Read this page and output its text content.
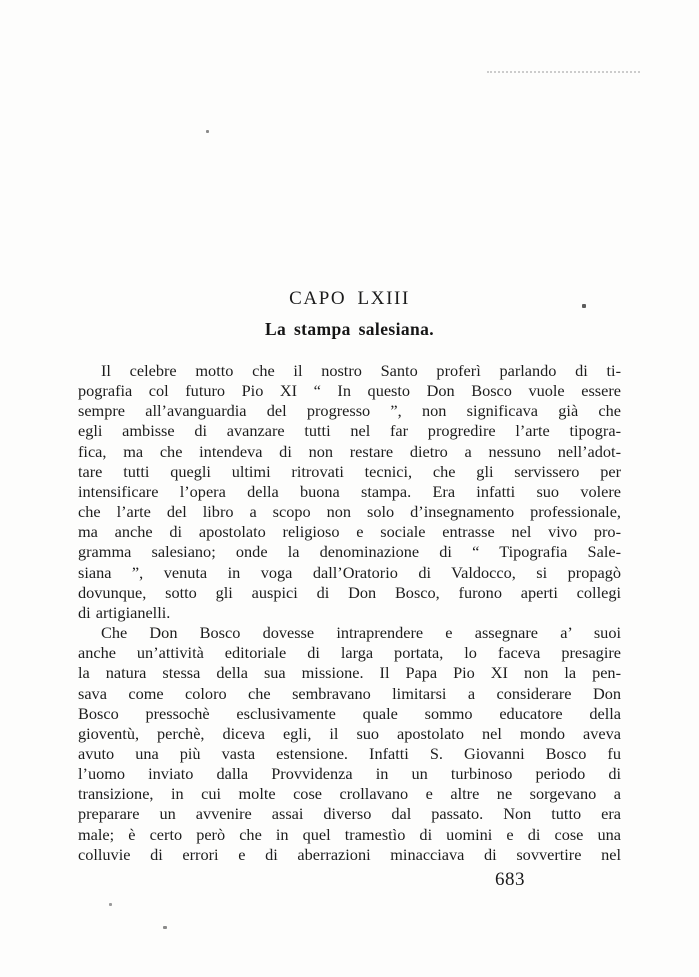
CAPO LXIII
La stampa salesiana.
Il celebre motto che il nostro Santo proferì parlando di ti-
pografia col futuro Pio XI “ In questo Don Bosco vuole essere
sempre all’avanguardia del progresso ”, non significava già che
egli ambisse di avanzare tutti nel far progredire l’arte tipogra-
fica, ma che intendeva di non restare dietro a nessuno nell’adot-
tare tutti quegli ultimi ritrovati tecnici, che gli servissero per
intensificare l’opera della buona stampa. Era infatti suo volere
che l’arte del libro a scopo non solo d’insegnamento professionale,
ma anche di apostolato religioso e sociale entrasse nel vivo pro-
gramma salesiano; onde la denominazione di “ Tipografia Sale-
siana ”, venuta in voga dall’Oratorio di Valdocco, si propagò
dovunque, sotto gli auspici di Don Bosco, furono aperti collegi
di artigianelli.
Che Don Bosco dovesse intraprendere e assegnare a’ suoi
anche un’attività editoriale di larga portata, lo faceva presagire
la natura stessa della sua missione. Il Papa Pio XI non la pen-
sava come coloro che sembravano limitarsi a considerare Don
Bosco pressochè esclusivamente quale sommo educatore della
gioventù, perchè, diceva egli, il suo apostolato nel mondo aveva
avuto una più vasta estensione. Infatti S. Giovanni Bosco fu
l’uomo inviato dalla Provvidenza in un turbinoso periodo di
transizione, in cui molte cose crollavano e altre ne sorgevano a
preparare un avvenire assai diverso dal passato. Non tutto era
male; è certo però che in quel tramestìo di uomini e di cose una
colluvie di errori e di aberrazioni minacciava di sovvertire nel
683
